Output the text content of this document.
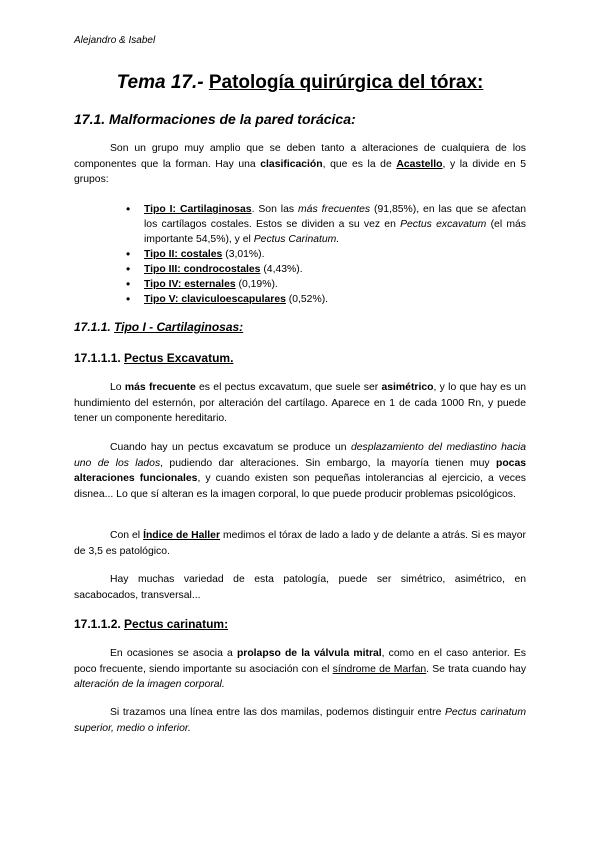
Alejandro & Isabel
Tema 17.- Patología quirúrgica del tórax:
17.1. Malformaciones de la pared torácica:
Son un grupo muy amplio que se deben tanto a alteraciones de cualquiera de los componentes que la forman. Hay una clasificación, que es la de Acastello, y la divide en 5 grupos:
• Tipo I: Cartilaginosas. Son las más frecuentes (91,85%), en las que se afectan los cartílagos costales. Estos se dividen a su vez en Pectus excavatum (el más importante 54,5%), y el Pectus Carinatum.
• Tipo II: costales (3,01%).
• Tipo III: condrocostales (4,43%).
• Tipo IV: esternales (0,19%).
• Tipo V: claviculoescapulares (0,52%).
17.1.1. Tipo I - Cartilaginosas:
17.1.1.1. Pectus Excavatum.
Lo más frecuente es el pectus excavatum, que suele ser asimétrico, y lo que hay es un hundimiento del esternón, por alteración del cartílago. Aparece en 1 de cada 1000 Rn, y puede tener un componente hereditario.
Cuando hay un pectus excavatum se produce un desplazamiento del mediastino hacia uno de los lados, pudiendo dar alteraciones. Sin embargo, la mayoría tienen muy pocas alteraciones funcionales, y cuando existen son pequeñas intolerancias al ejercicio, a veces disnea... Lo que sí alteran es la imagen corporal, lo que puede producir problemas psicológicos.
Con el Índice de Haller medimos el tórax de lado a lado y de delante a atrás. Si es mayor de 3,5 es patológico.
Hay muchas variedad de esta patología, puede ser simétrico, asimétrico, en sacabocados, transversal...
17.1.1.2. Pectus carinatum:
En ocasiones se asocia a prolapso de la válvula mitral, como en el caso anterior. Es poco frecuente, siendo importante su asociación con el síndrome de Marfan. Se trata cuando hay alteración de la imagen corporal.
Si trazamos una línea entre las dos mamilas, podemos distinguir entre Pectus carinatum superior, medio o inferior.
